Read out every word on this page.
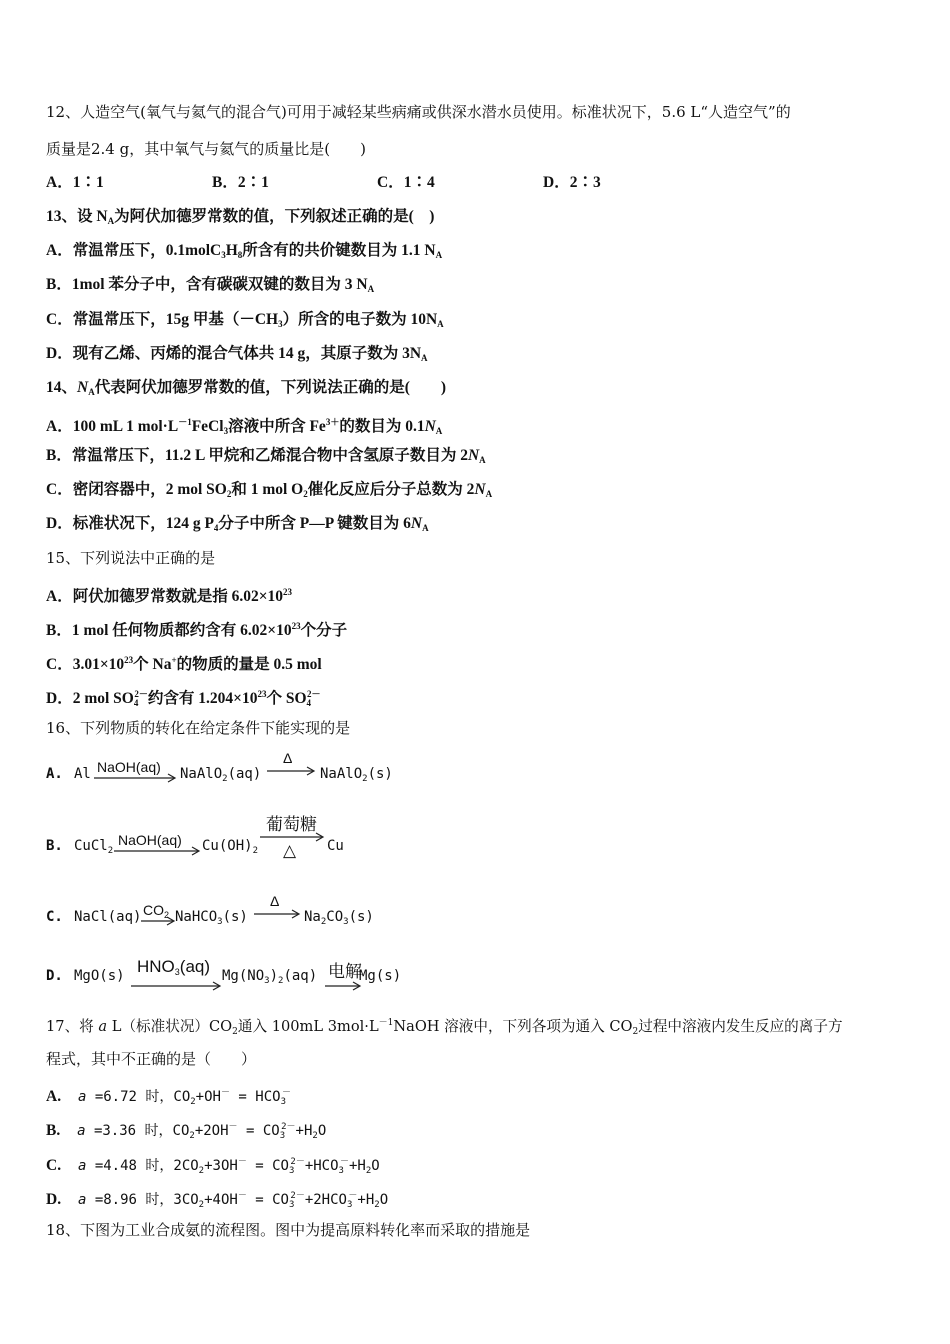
12、人造空气(氧气与氦气的混合气)可用于减轻某些病痛或供深水潜水员使用。标准状况下，5.6 L“人造空气”的
质量是2.4 g，其中氧气与氦气的质量比是(　　)
A．1∶1	B．2∶1	C．1∶4	D．2∶3
13、设 $N_A$为阿伏加德罗常数的值，下列叙述正确的是(　)
A．常温常压下，$0.1molC_3H_8$所含有的共价键数目为 1.1 $N_A$
B．1mol 苯分子中，含有碳碳双键的数目为 3 $N_A$
C．常温常压下，15g 甲基$(-CH_3)$所含的电子数为 $10N_A$
D．现有乙烯、丙烯的混合气体共 14 g，其原子数为 $3N_A$
14、$N_A$代表阿伏加德罗常数的值，下列说法正确的是(　　)
A．100 mL 1 $mol\cdot L^{-1}FeCl_3$溶液中所含 $Fe^{3+}$的数目为 $0.1N_A$
B．常温常压下，11.2 L 甲烷和乙烯混合物中含氢原子数目为 $2N_A$
C．密闭容器中，2 mol $SO_2$和 1 mol $O_2$催化反应后分子总数为 $2N_A$
D．标准状况下，124 g $P_4$分子中所含 P—P 键数目为 $6N_A$
15、下列说法中正确的是
A．阿伏加德罗常数就是指 $6.02\times 10^{23}$
B．1 mol 任何物质都约含有 $6.02\times 10^{23}$个分子
C．$3.01\times 10^{23}$个 Na+的物质的量是 0.5 mol
D．2 mol $SO_4^{2-}$约含有 $1.204\times 10^{23}$个 $SO_4^{2-}$
16、下列物质的转化在给定条件下能实现的是
A. Al NaOH(aq) NaAlO$_2$(aq)
Δ
NaAlO$_2$(s)
B. CuCl$_2$
NaOH(aq) $Cu(OH)_2$
葡萄糖
△ Cu
C. NaCl(aq) $CO_2$ NaHCO$_3$(s)
Δ
$Na_2CO_3(s)$
D. MgO(s) $HNO_3(aq)$ $Mg(NO_3)_2(aq)$ 电解
Mg(s)
17、将 a L（标准状况）$CO_2$通入 100mL $3mol\cdot L^{-1}NaOH$ 溶液中，下列各项为通入 $CO_2$过程中溶液内发生反应的离子方
程式，其中不正确的是（　　）
A. a =6.72 时，$CO_2+OH^- = HCO_3^-$
B. a =3.36 时，$CO_2+2OH^- = CO_3^{2-}+H_2O$
C. a =4.48 时，$2CO_2+3OH^- = CO_3^{2-}+HCO_3^-+H_2O$
D. a =8.96 时，$3CO_2+4OH^- = CO_3^{2-}+2HCO_3^-+H_2O$
18、下图为工业合成氨的流程图。图中为提高原料转化率而采取的措施是
